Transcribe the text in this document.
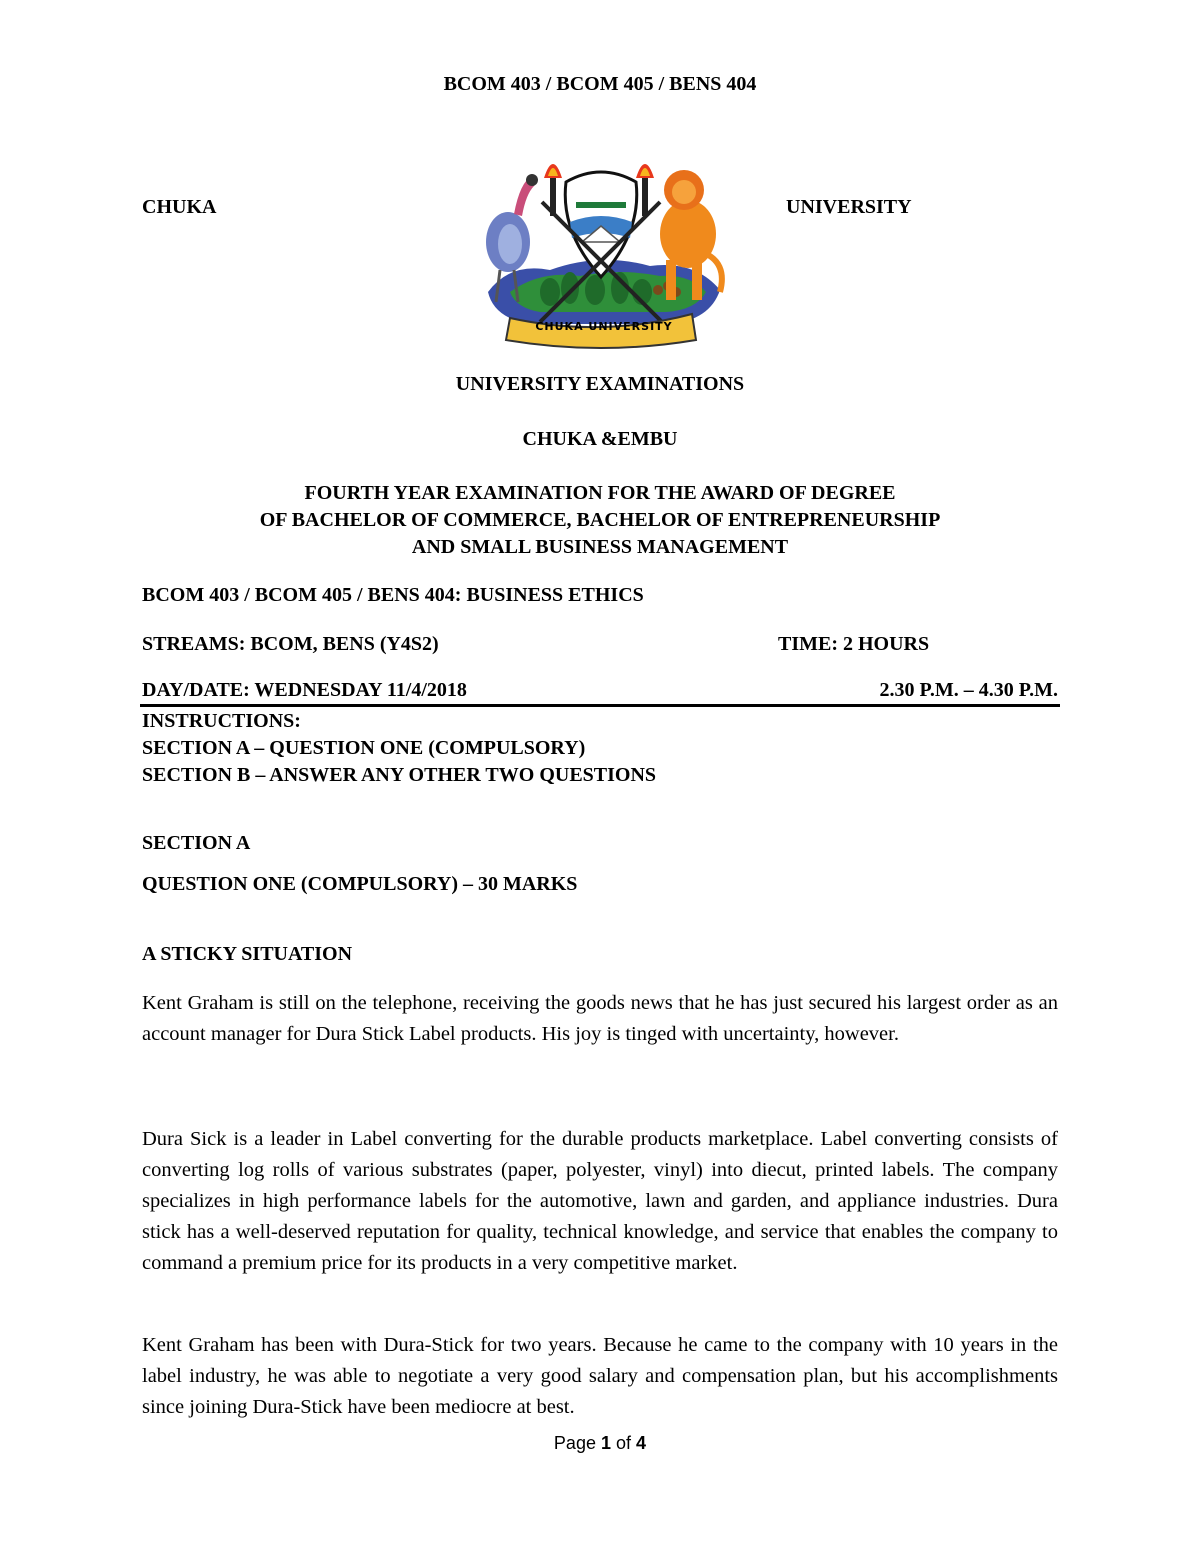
BCOM 403 / BCOM 405 / BENS 404
CHUKA	UNIVERSITY
CHUKA UNIVERSITY
UNIVERSITY EXAMINATIONS
CHUKA &EMBU
FOURTH YEAR EXAMINATION FOR THE AWARD OF DEGREE
OF BACHELOR OF COMMERCE, BACHELOR OF ENTREPRENEURSHIP
AND SMALL BUSINESS MANAGEMENT
BCOM 403 / BCOM 405 / BENS 404: BUSINESS ETHICS
STREAMS: BCOM, BENS (Y4S2)	TIME: 2 HOURS
DAY/DATE: WEDNESDAY 11/4/2018	2.30 P.M. – 4.30 P.M.
INSTRUCTIONS:
SECTION A – QUESTION ONE (COMPULSORY)
SECTION B – ANSWER ANY OTHER TWO QUESTIONS
SECTION A
QUESTION ONE (COMPULSORY) – 30 MARKS
A STICKY SITUATION
Kent Graham is still on the telephone, receiving the goods news that he has just secured his largest order as an account manager for Dura Stick Label products. His joy is tinged with uncertainty, however.
Dura Sick is a leader in Label converting for the durable products marketplace. Label converting consists of converting log rolls of various substrates (paper, polyester, vinyl) into diecut, printed labels. The company specializes in high performance labels for the automotive, lawn and garden, and appliance industries. Dura stick has a well-deserved reputation for quality, technical knowledge, and service that enables the company to command a premium price for its products in a very competitive market.
Kent Graham has been with Dura-Stick for two years. Because he came to the company with 10 years in the label industry, he was able to negotiate a very good salary and compensation plan, but his accomplishments since joining Dura-Stick have been mediocre at best.
Page 1 of 4
